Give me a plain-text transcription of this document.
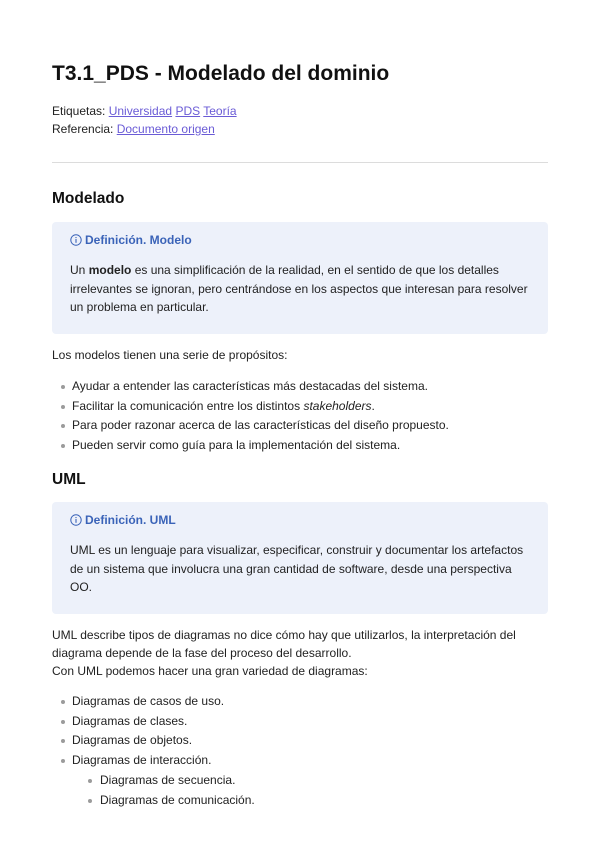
T3.1_PDS - Modelado del dominio
Etiquetas: Universidad PDS Teoría
Referencia: Documento origen
Modelado
Definición. Modelo
Un modelo es una simplificación de la realidad, en el sentido de que los detalles irrelevantes se ignoran, pero centrándose en los aspectos que interesan para resolver un problema en particular.
Los modelos tienen una serie de propósitos:
Ayudar a entender las características más destacadas del sistema.
Facilitar la comunicación entre los distintos stakeholders.
Para poder razonar acerca de las características del diseño propuesto.
Pueden servir como guía para la implementación del sistema.
UML
Definición. UML
UML es un lenguaje para visualizar, especificar, construir y documentar los artefactos de un sistema que involucra una gran cantidad de software, desde una perspectiva OO.
UML describe tipos de diagramas no dice cómo hay que utilizarlos, la interpretación del diagrama depende de la fase del proceso del desarrollo.
Con UML podemos hacer una gran variedad de diagramas:
Diagramas de casos de uso.
Diagramas de clases.
Diagramas de objetos.
Diagramas de interacción.
Diagramas de secuencia.
Diagramas de comunicación.
